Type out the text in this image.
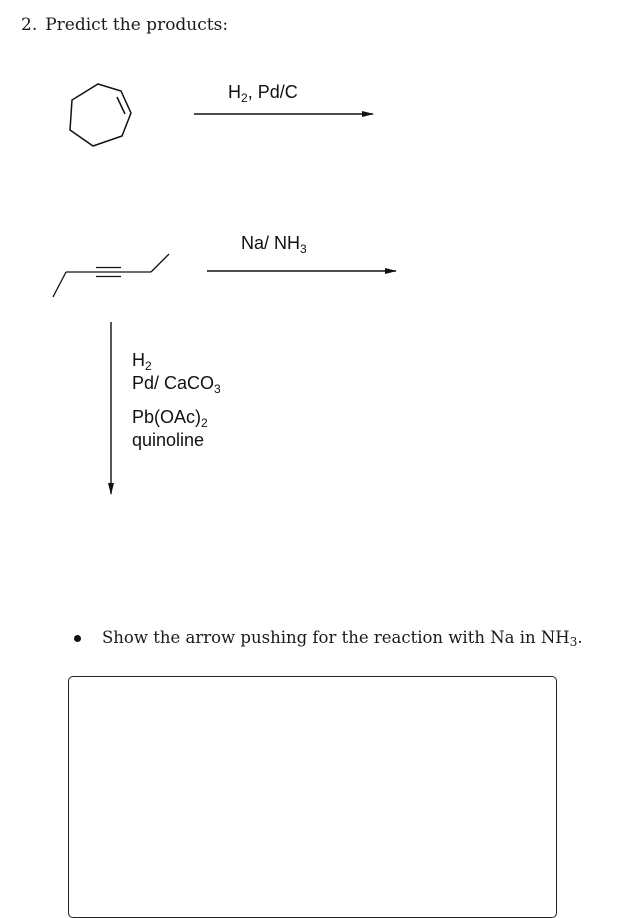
2. Predict the products:
$H_2$, Pd/C
Na/ $NH_3$
$H_2$
Pd/ CaCO$_3$
$Pb(OAc)_2$
quinoline
Show the arrow pushing for the reaction with Na in $NH_3$.
